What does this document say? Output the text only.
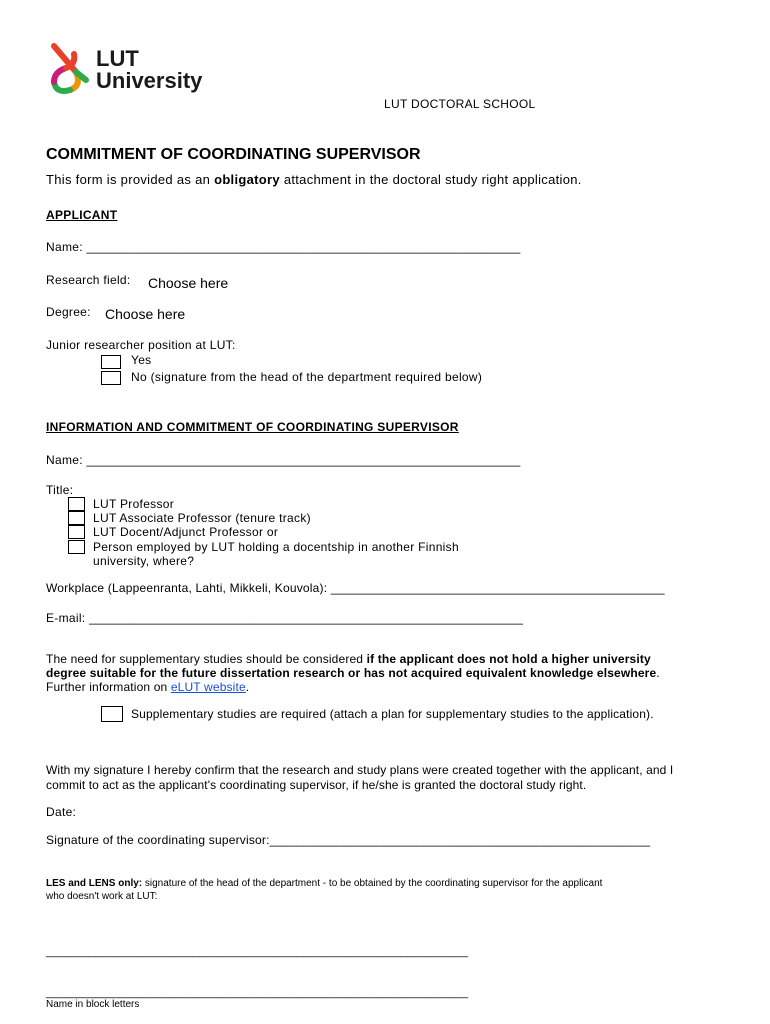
LUT
University
LUT DOCTORAL SCHOOL
COMMITMENT OF COORDINATING SUPERVISOR
This form is provided as an obligatory attachment in the doctoral study right application.
APPLICANT
Name: _________________________________________________________________
Research field: Choose here
Degree: Choose here
Junior researcher position at LUT:
Yes
No (signature from the head of the department required below)
INFORMATION AND COMMITMENT OF COORDINATING SUPERVISOR
Name: _________________________________________________________________
Title:
LUT Professor
LUT Associate Professor (tenure track)
LUT Docent/Adjunct Professor or
Person employed by LUT holding a docentship in another Finnish
university, where?
Workplace (Lappeenranta, Lahti, Mikkeli, Kouvola): __________________________________________________
E-mail: _________________________________________________________________
The need for supplementary studies should be considered if the applicant does not hold a higher university
degree suitable for the future dissertation research or has not acquired equivalent knowledge elsewhere.
Further information on eLUT website.
Supplementary studies are required (attach a plan for supplementary studies to the application).
With my signature I hereby confirm that the research and study plans were created together with the applicant, and I
commit to act as the applicant's coordinating supervisor, if he/she is granted the doctoral study right.
Date:
Signature of the coordinating supervisor:_________________________________________________________
LES and LENS only: signature of the head of the department - to be obtained by the coordinating supervisor for the applicant
who doesn't work at LUT:
_____________________________________________________________________
_____________________________________________________________________
Name in block letters
